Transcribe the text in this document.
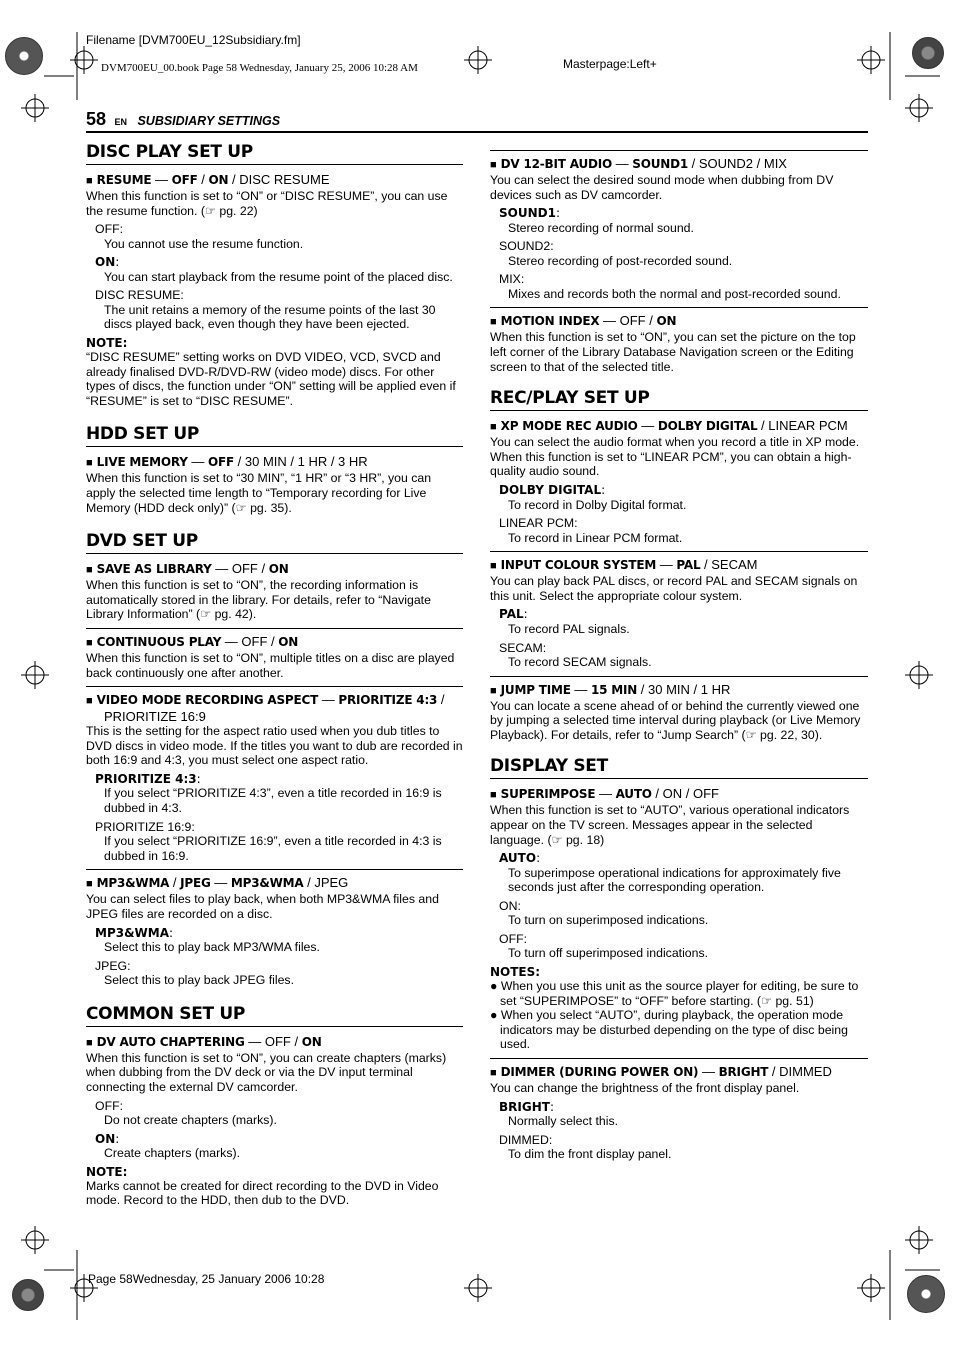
Filename [DVM700EU_12Subsidiary.fm]
DVM700EU_00.book Page 58 Wednesday, January 25, 2006 10:28 AM	Masterpage:Left+
Page 58Wednesday, 25 January 2006 10:28
58 EN SUBSIDIARY SETTINGS
DISC PLAY SET UP
■ RESUME — OFF / ON / DISC RESUME
When this function is set to “ON” or “DISC RESUME”, you can use the resume function. (☞ pg. 22)
OFF:
You cannot use the resume function.
ON:
You can start playback from the resume point of the placed disc.
DISC RESUME:
The unit retains a memory of the resume points of the last 30 discs played back, even though they have been ejected.
NOTE:
“DISC RESUME” setting works on DVD VIDEO, VCD, SVCD and already finalised DVD-R/DVD-RW (video mode) discs. For other types of discs, the function under “ON” setting will be applied even if “RESUME” is set to “DISC RESUME”.
HDD SET UP
■ LIVE MEMORY — OFF / 30 MIN / 1 HR / 3 HR
When this function is set to “30 MIN”, “1 HR” or “3 HR”, you can apply the selected time length to “Temporary recording for Live Memory (HDD deck only)” (☞ pg. 35).
DVD SET UP
■ SAVE AS LIBRARY — OFF / ON
When this function is set to “ON”, the recording information is automatically stored in the library. For details, refer to “Navigate Library Information” (☞ pg. 42).
■ CONTINUOUS PLAY — OFF / ON
When this function is set to “ON”, multiple titles on a disc are played back continuously one after another.
■ VIDEO MODE RECORDING ASPECT — PRIORITIZE 4:3 /
PRIORITIZE 16:9
This is the setting for the aspect ratio used when you dub titles to DVD discs in video mode. If the titles you want to dub are recorded in both 16:9 and 4:3, you must select one aspect ratio.
PRIORITIZE 4:3:
If you select “PRIORITIZE 4:3”, even a title recorded in 16:9 is dubbed in 4:3.
PRIORITIZE 16:9:
If you select “PRIORITIZE 16:9”, even a title recorded in 4:3 is dubbed in 16:9.
■ MP3&WMA / JPEG — MP3&WMA / JPEG
You can select files to play back, when both MP3&WMA files and JPEG files are recorded on a disc.
MP3&WMA:
Select this to play back MP3/WMA files.
JPEG:
Select this to play back JPEG files.
COMMON SET UP
■ DV AUTO CHAPTERING — OFF / ON
When this function is set to “ON”, you can create chapters (marks) when dubbing from the DV deck or via the DV input terminal connecting the external DV camcorder.
OFF:
Do not create chapters (marks).
ON:
Create chapters (marks).
NOTE:
Marks cannot be created for direct recording to the DVD in Video mode. Record to the HDD, then dub to the DVD.
■ DV 12-BIT AUDIO — SOUND1 / SOUND2 / MIX
You can select the desired sound mode when dubbing from DV devices such as DV camcorder.
SOUND1:
Stereo recording of normal sound.
SOUND2:
Stereo recording of post-recorded sound.
MIX:
Mixes and records both the normal and post-recorded sound.
■ MOTION INDEX — OFF / ON
When this function is set to “ON”, you can set the picture on the top left corner of the Library Database Navigation screen or the Editing screen to that of the selected title.
REC/PLAY SET UP
■ XP MODE REC AUDIO — DOLBY DIGITAL / LINEAR PCM
You can select the audio format when you record a title in XP mode. When this function is set to “LINEAR PCM”, you can obtain a high-quality audio sound.
DOLBY DIGITAL:
To record in Dolby Digital format.
LINEAR PCM:
To record in Linear PCM format.
■ INPUT COLOUR SYSTEM — PAL / SECAM
You can play back PAL discs, or record PAL and SECAM signals on this unit. Select the appropriate colour system.
PAL:
To record PAL signals.
SECAM:
To record SECAM signals.
■ JUMP TIME — 15 MIN / 30 MIN / 1 HR
You can locate a scene ahead of or behind the currently viewed one by jumping a selected time interval during playback (or Live Memory Playback). For details, refer to “Jump Search” (☞ pg. 22, 30).
DISPLAY SET
■ SUPERIMPOSE — AUTO / ON / OFF
When this function is set to “AUTO”, various operational indicators appear on the TV screen. Messages appear in the selected language. (☞ pg. 18)
AUTO:
To superimpose operational indications for approximately five seconds just after the corresponding operation.
ON:
To turn on superimposed indications.
OFF:
To turn off superimposed indications.
NOTES:
● When you use this unit as the source player for editing, be sure to set “SUPERIMPOSE” to “OFF” before starting. (☞ pg. 51)
● When you select “AUTO”, during playback, the operation mode indicators may be disturbed depending on the type of disc being used.
■ DIMMER (DURING POWER ON) — BRIGHT / DIMMED
You can change the brightness of the front display panel.
BRIGHT:
Normally select this.
DIMMED:
To dim the front display panel.
